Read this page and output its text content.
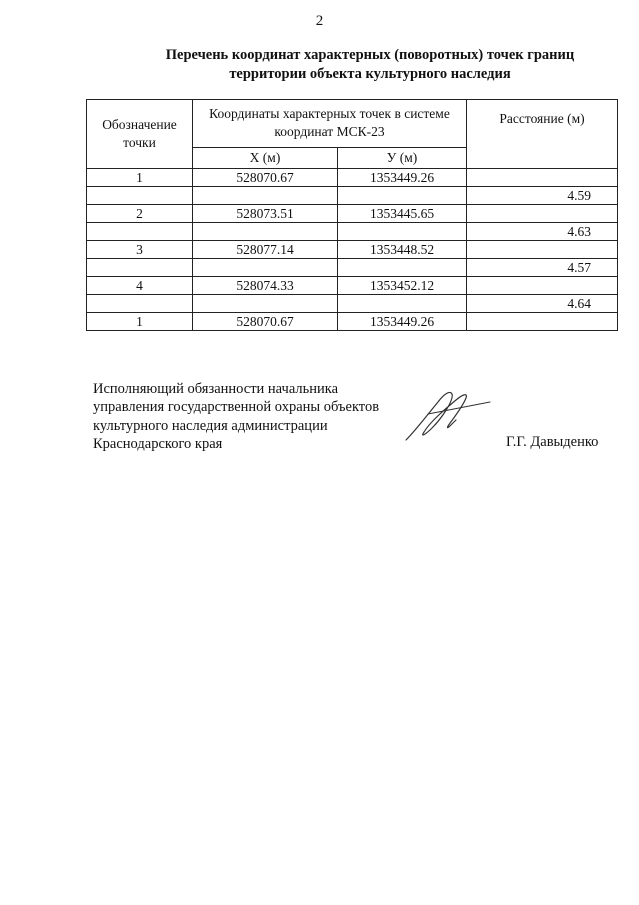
2
Перечень координат характерных (поворотных) точек границ
территории объекта культурного наследия
Обозначение точки	Координаты характерных точек в системе координат МСК-23		Расстояние (м)
	Х (м)	У (м)	
1	528070.67	1353449.26	
			4.59
2	528073.51	1353445.65	
			4.63
3	528077.14	1353448.52	
			4.57
4	528074.33	1353452.12	
			4.64
1	528070.67	1353449.26	
Исполняющий обязанности начальника
управления государственной охраны объектов
культурного наследия администрации
Краснодарского края	Г.Г. Давыденко
